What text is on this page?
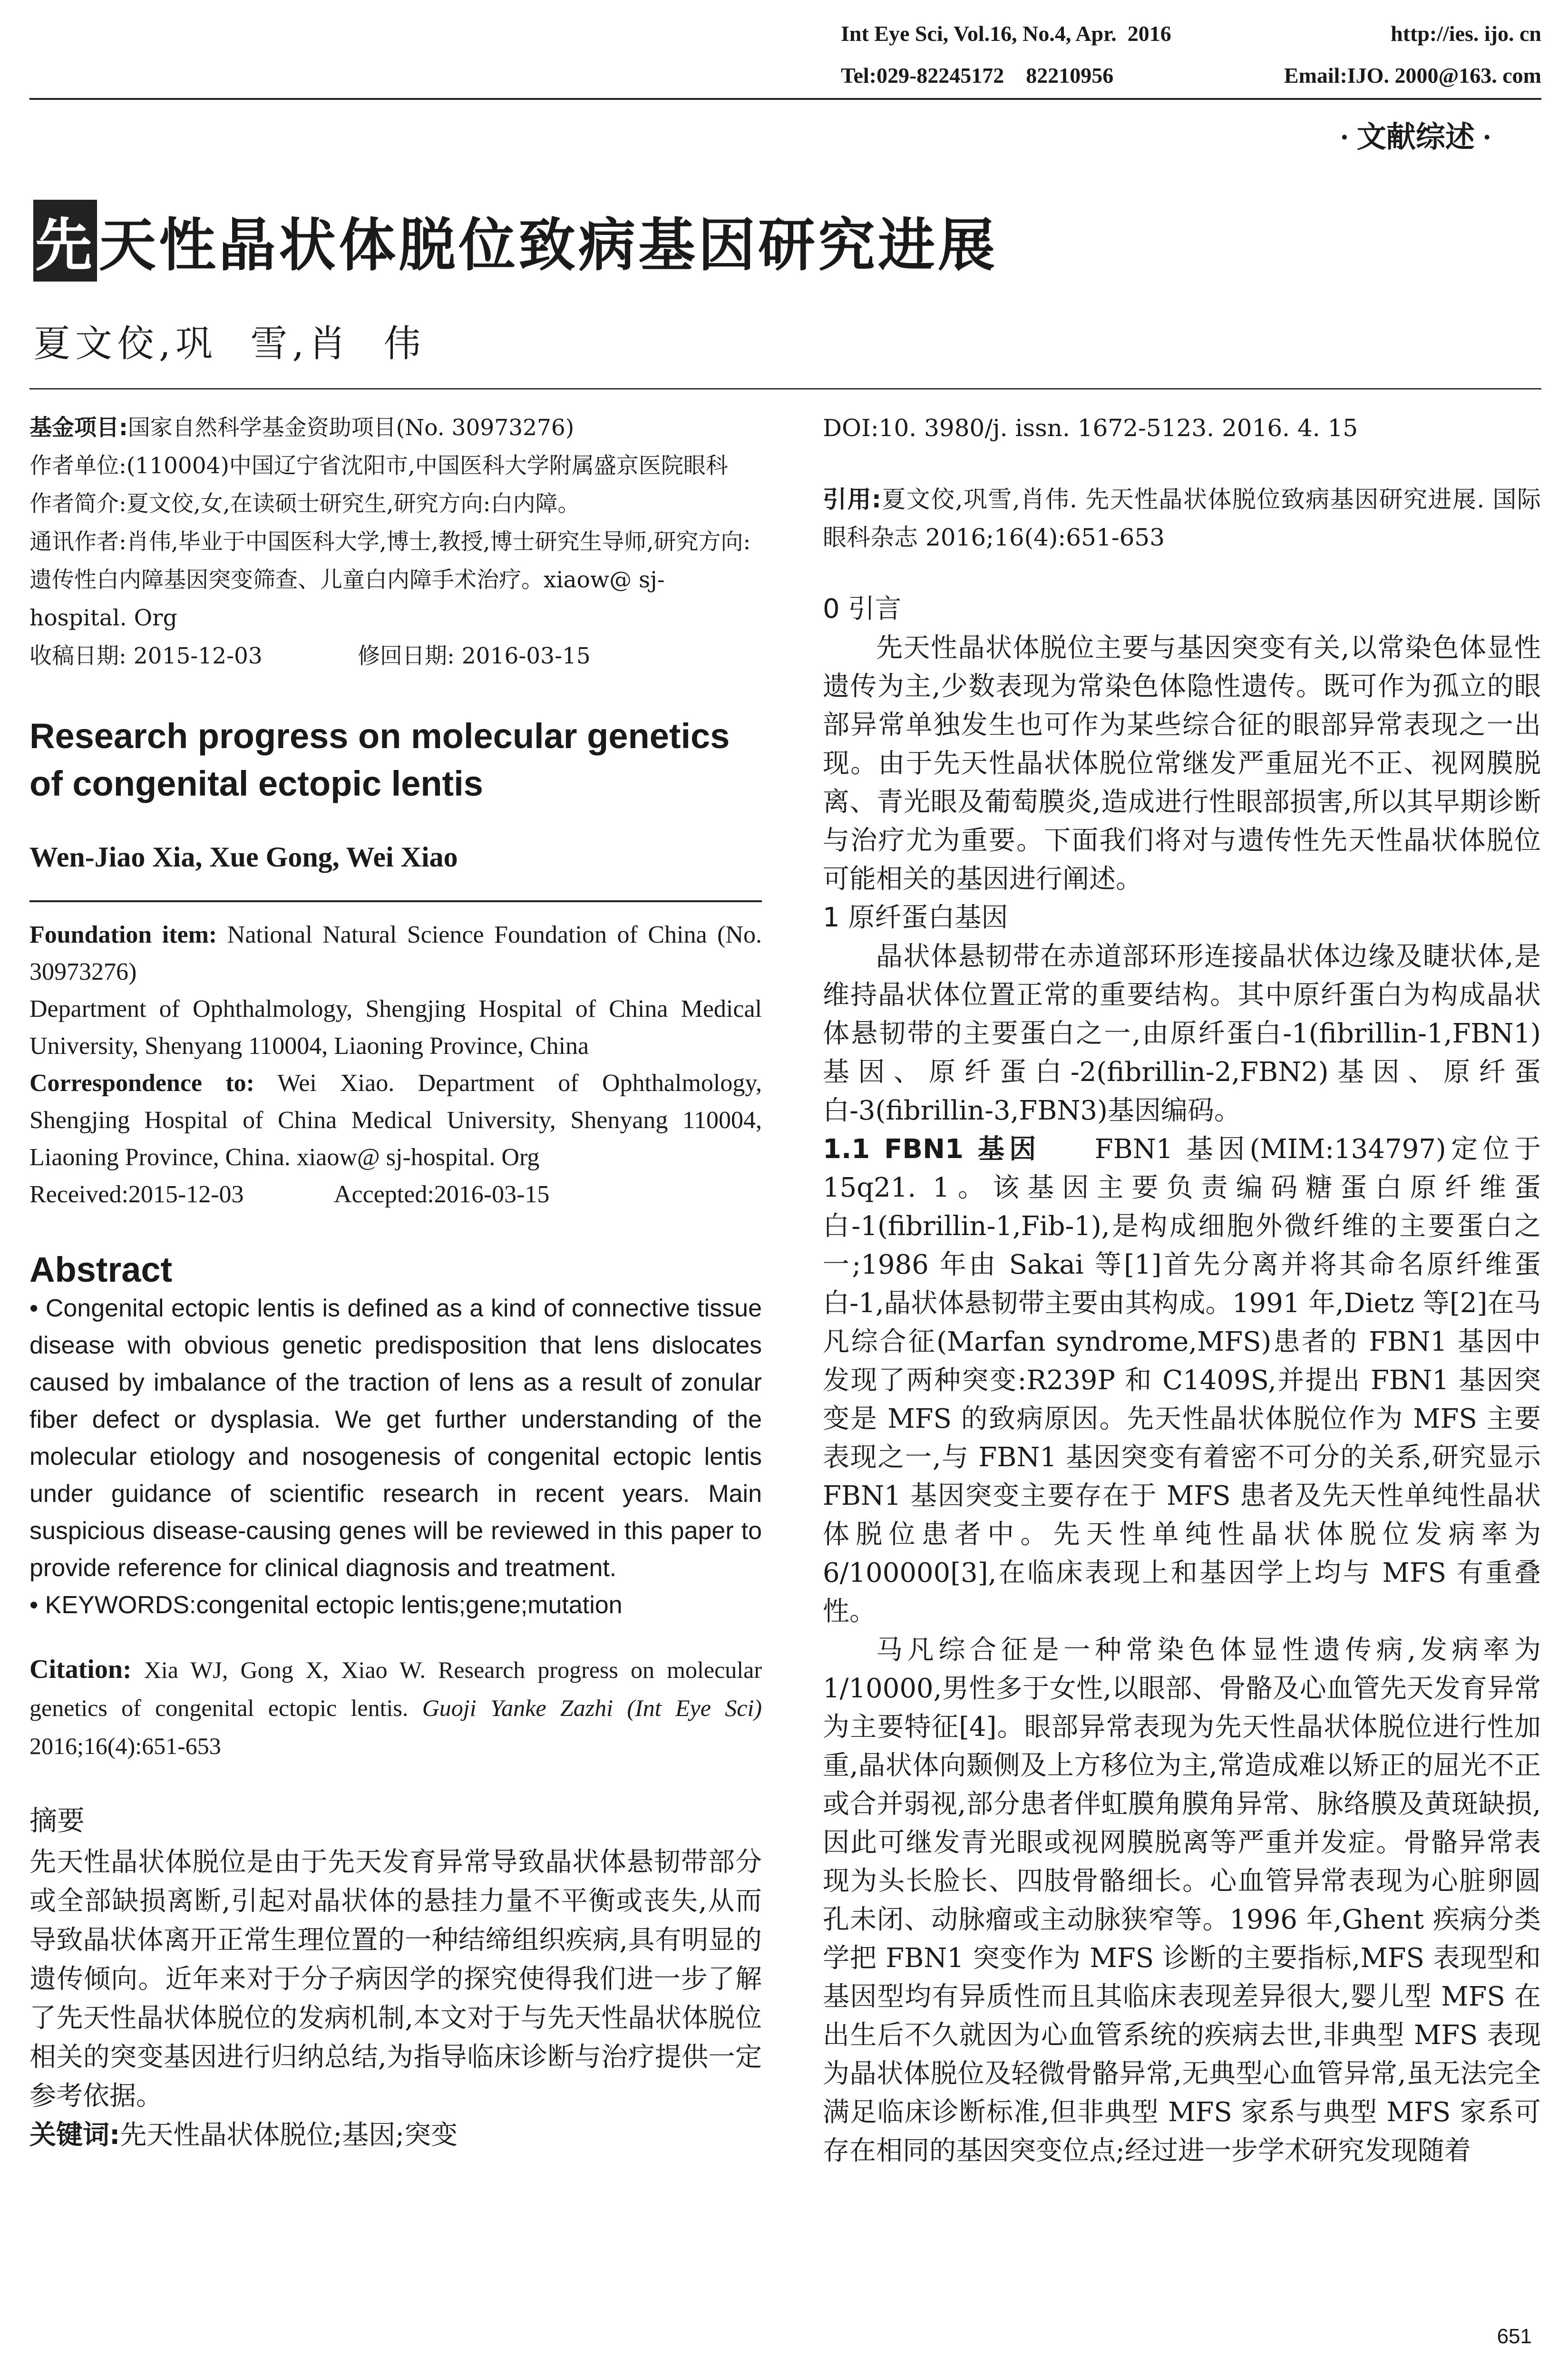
Int Eye Sci, Vol.16, No.4, Apr.  2016	http://ies. ijo. cn
Tel:029-82245172    82210956	Email:IJO. 2000@163. com
· 文献综述 ·
先天性晶状体脱位致病基因研究进展
夏文佼,巩  雪,肖  伟

基金项目:国家自然科学基金资助项目(No. 30973276)

作者单位:(110004)中国辽宁省沈阳市,中国医科大学附属盛京医院眼科

作者简介:夏文佼,女,在读硕士研究生,研究方向:白内障。

通讯作者:肖伟,毕业于中国医科大学,博士,教授,博士研究生导师,研究方向:遗传性白内障基因突变筛查、儿童白内障手术治疗。xiaow@ sj-hospital. Org

收稿日期: 2015-12-03	修回日期: 2016-03-15

Research progress on molecular genetics of congenital ectopic lentis
Wen-Jiao Xia, Xue Gong, Wei Xiao

Foundation item: National Natural Science Foundation of China (No. 30973276)

Department of Ophthalmology, Shengjing Hospital of China Medical University, Shenyang 110004, Liaoning Province, China

Correspondence to: Wei Xiao. Department of Ophthalmology, Shengjing Hospital of China Medical University, Shenyang 110004, Liaoning Province, China. xiaow@ sj-hospital. Org

Received:2015-12-03	Accepted:2016-03-15

Abstract

• Congenital ectopic lentis is defined as a kind of connective tissue disease with obvious genetic predisposition that lens dislocates caused by imbalance of the traction of lens as a result of zonular fiber defect or dysplasia. We get further understanding of the molecular etiology and nosogenesis of congenital ectopic lentis under guidance of scientific research in recent years. Main suspicious disease-causing genes will be reviewed in this paper to provide reference for clinical diagnosis and treatment.

• KEYWORDS:congenital ectopic lentis;gene;mutation

Citation: Xia WJ, Gong X, Xiao W. Research progress on molecular genetics of congenital ectopic lentis. Guoji Yanke Zazhi (Int Eye Sci) 2016;16(4):651-653
摘要

先天性晶状体脱位是由于先天发育异常导致晶状体悬韧带部分或全部缺损离断,引起对晶状体的悬挂力量不平衡或丧失,从而导致晶状体离开正常生理位置的一种结缔组织疾病,具有明显的遗传倾向。近年来对于分子病因学的探究使得我们进一步了解了先天性晶状体脱位的发病机制,本文对于与先天性晶状体脱位相关的突变基因进行归纳总结,为指导临床诊断与治疗提供一定参考依据。

关键词:先天性晶状体脱位;基因;突变

DOI:10. 3980/j. issn. 1672-5123. 2016. 4. 15

引用:夏文佼,巩雪,肖伟. 先天性晶状体脱位致病基因研究进展. 国际眼科杂志 2016;16(4):651-653

0 引言

先天性晶状体脱位主要与基因突变有关,以常染色体显性遗传为主,少数表现为常染色体隐性遗传。既可作为孤立的眼部异常单独发生也可作为某些综合征的眼部异常表现之一出现。由于先天性晶状体脱位常继发严重屈光不正、视网膜脱离、青光眼及葡萄膜炎,造成进行性眼部损害,所以其早期诊断与治疗尤为重要。下面我们将对与遗传性先天性晶状体脱位可能相关的基因进行阐述。

1 原纤蛋白基因

晶状体悬韧带在赤道部环形连接晶状体边缘及睫状体,是维持晶状体位置正常的重要结构。其中原纤蛋白为构成晶状体悬韧带的主要蛋白之一,由原纤蛋白-1(fibrillin-1,FBN1)基因、原纤蛋白-2(fibrillin-2,FBN2)基因、原纤蛋白-3(fibrillin-3,FBN3)基因编码。

1.1 FBN1 基因 FBN1 基因(MIM:134797)定位于15q21. 1。该基因主要负责编码糖蛋白原纤维蛋白-1(fibrillin-1,Fib-1),是构成细胞外微纤维的主要蛋白之一;1986 年由 Sakai 等[1]首先分离并将其命名原纤维蛋白-1,晶状体悬韧带主要由其构成。1991 年,Dietz 等[2]在马凡综合征(Marfan syndrome,MFS)患者的 FBN1 基因中发现了两种突变:R239P 和 C1409S,并提出 FBN1 基因突变是 MFS 的致病原因。先天性晶状体脱位作为 MFS 主要表现之一,与 FBN1 基因突变有着密不可分的关系,研究显示 FBN1 基因突变主要存在于 MFS 患者及先天性单纯性晶状体脱位患者中。先天性单纯性晶状体脱位发病率为6/100000[3],在临床表现上和基因学上均与 MFS 有重叠性。

马凡综合征是一种常染色体显性遗传病,发病率为1/10000,男性多于女性,以眼部、骨骼及心血管先天发育异常为主要特征[4]。眼部异常表现为先天性晶状体脱位进行性加重,晶状体向颞侧及上方移位为主,常造成难以矫正的屈光不正或合并弱视,部分患者伴虹膜角膜角异常、脉络膜及黄斑缺损,因此可继发青光眼或视网膜脱离等严重并发症。骨骼异常表现为头长脸长、四肢骨骼细长。心血管异常表现为心脏卵圆孔未闭、动脉瘤或主动脉狭窄等。1996 年,Ghent 疾病分类学把 FBN1 突变作为 MFS 诊断的主要指标,MFS 表现型和基因型均有异质性而且其临床表现差异很大,婴儿型 MFS 在出生后不久就因为心血管系统的疾病去世,非典型 MFS 表现为晶状体脱位及轻微骨骼异常,无典型心血管异常,虽无法完全满足临床诊断标准,但非典型 MFS 家系与典型 MFS 家系可存在相同的基因突变位点;经过进一步学术研究发现随着

651
